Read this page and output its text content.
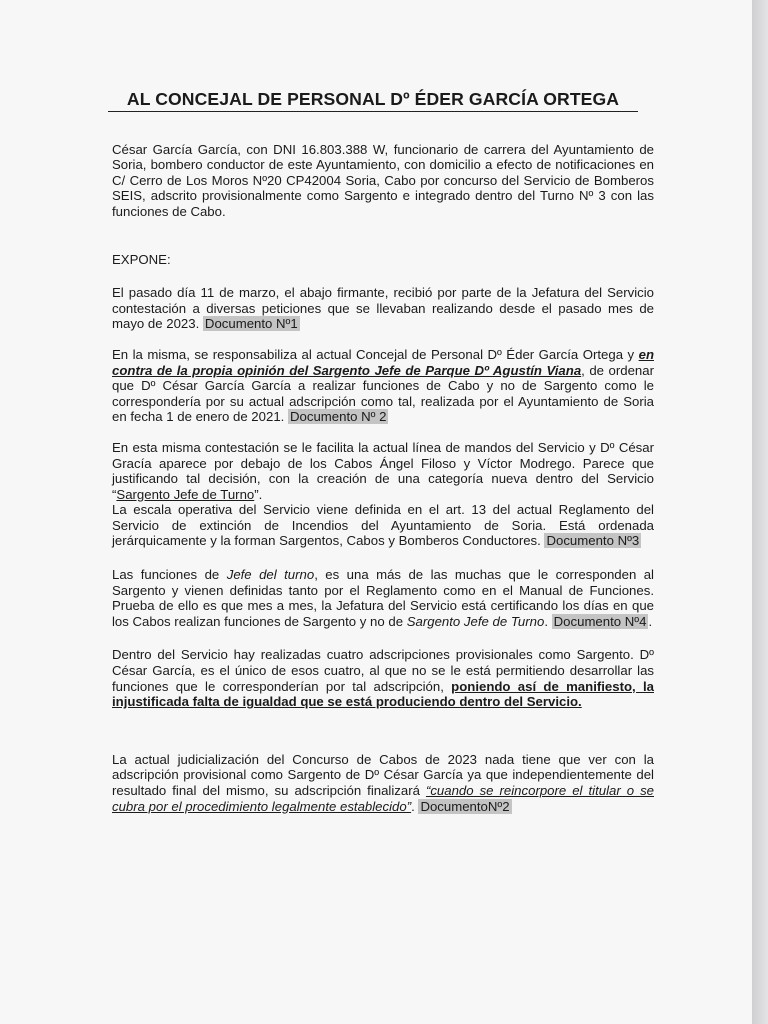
AL CONCEJAL DE PERSONAL Dº ÉDER GARCÍA ORTEGA

César García García, con DNI 16.803.388 W, funcionario de carrera del Ayuntamiento de Soria, bombero conductor de este Ayuntamiento, con domicilio a efecto de notificaciones en C/ Cerro de Los Moros Nº20 CP42004 Soria, Cabo por concurso del Servicio de Bomberos SEIS, adscrito provisionalmente como Sargento e integrado dentro del Turno Nº 3 con las funciones de Cabo.

EXPONE:

El pasado día 11 de marzo, el abajo firmante, recibió por parte de la Jefatura del Servicio contestación a diversas peticiones que se llevaban realizando desde el pasado mes de mayo de 2023. Documento Nº1

En la misma, se responsabiliza al actual Concejal de Personal Dº Éder García Ortega y en contra de la propia opinión del Sargento Jefe de Parque Dº Agustín Viana, de ordenar que Dº César García García a realizar funciones de Cabo y no de Sargento como le correspondería por su actual adscripción como tal, realizada por el Ayuntamiento de Soria en fecha 1 de enero de 2021. Documento Nº 2

En esta misma contestación se le facilita la actual línea de mandos del Servicio y Dº César Gracía aparece por debajo de los Cabos Ángel Filoso y Víctor Modrego. Parece que justificando tal decisión, con la creación de una categoría nueva dentro del Servicio “Sargento Jefe de Turno”.

La escala operativa del Servicio viene definida en el art. 13 del actual Reglamento del Servicio de extinción de Incendios del Ayuntamiento de Soria. Está ordenada jerárquicamente y la forman Sargentos, Cabos y Bomberos Conductores. Documento Nº3

Las funciones de Jefe del turno, es una más de las muchas que le corresponden al Sargento y vienen definidas tanto por el Reglamento como en el Manual de Funciones. Prueba de ello es que mes a mes, la Jefatura del Servicio está certificando los días en que los Cabos realizan funciones de Sargento y no de Sargento Jefe de Turno. Documento Nº4 .

Dentro del Servicio hay realizadas cuatro adscripciones provisionales como Sargento. Dº César García, es el único de esos cuatro, al que no se le está permitiendo desarrollar las funciones que le corresponderían por tal adscripción, poniendo así de manifiesto, la injustificada falta de igualdad que se está produciendo dentro del Servicio.

La actual judicialización del Concurso de Cabos de 2023 nada tiene que ver con la adscripción provisional como Sargento de Dº César García ya que independientemente del resultado final del mismo, su adscripción finalizará “cuando se reincorpore el titular o se cubra por el procedimiento legalmente establecido”. DocumentoNº2
